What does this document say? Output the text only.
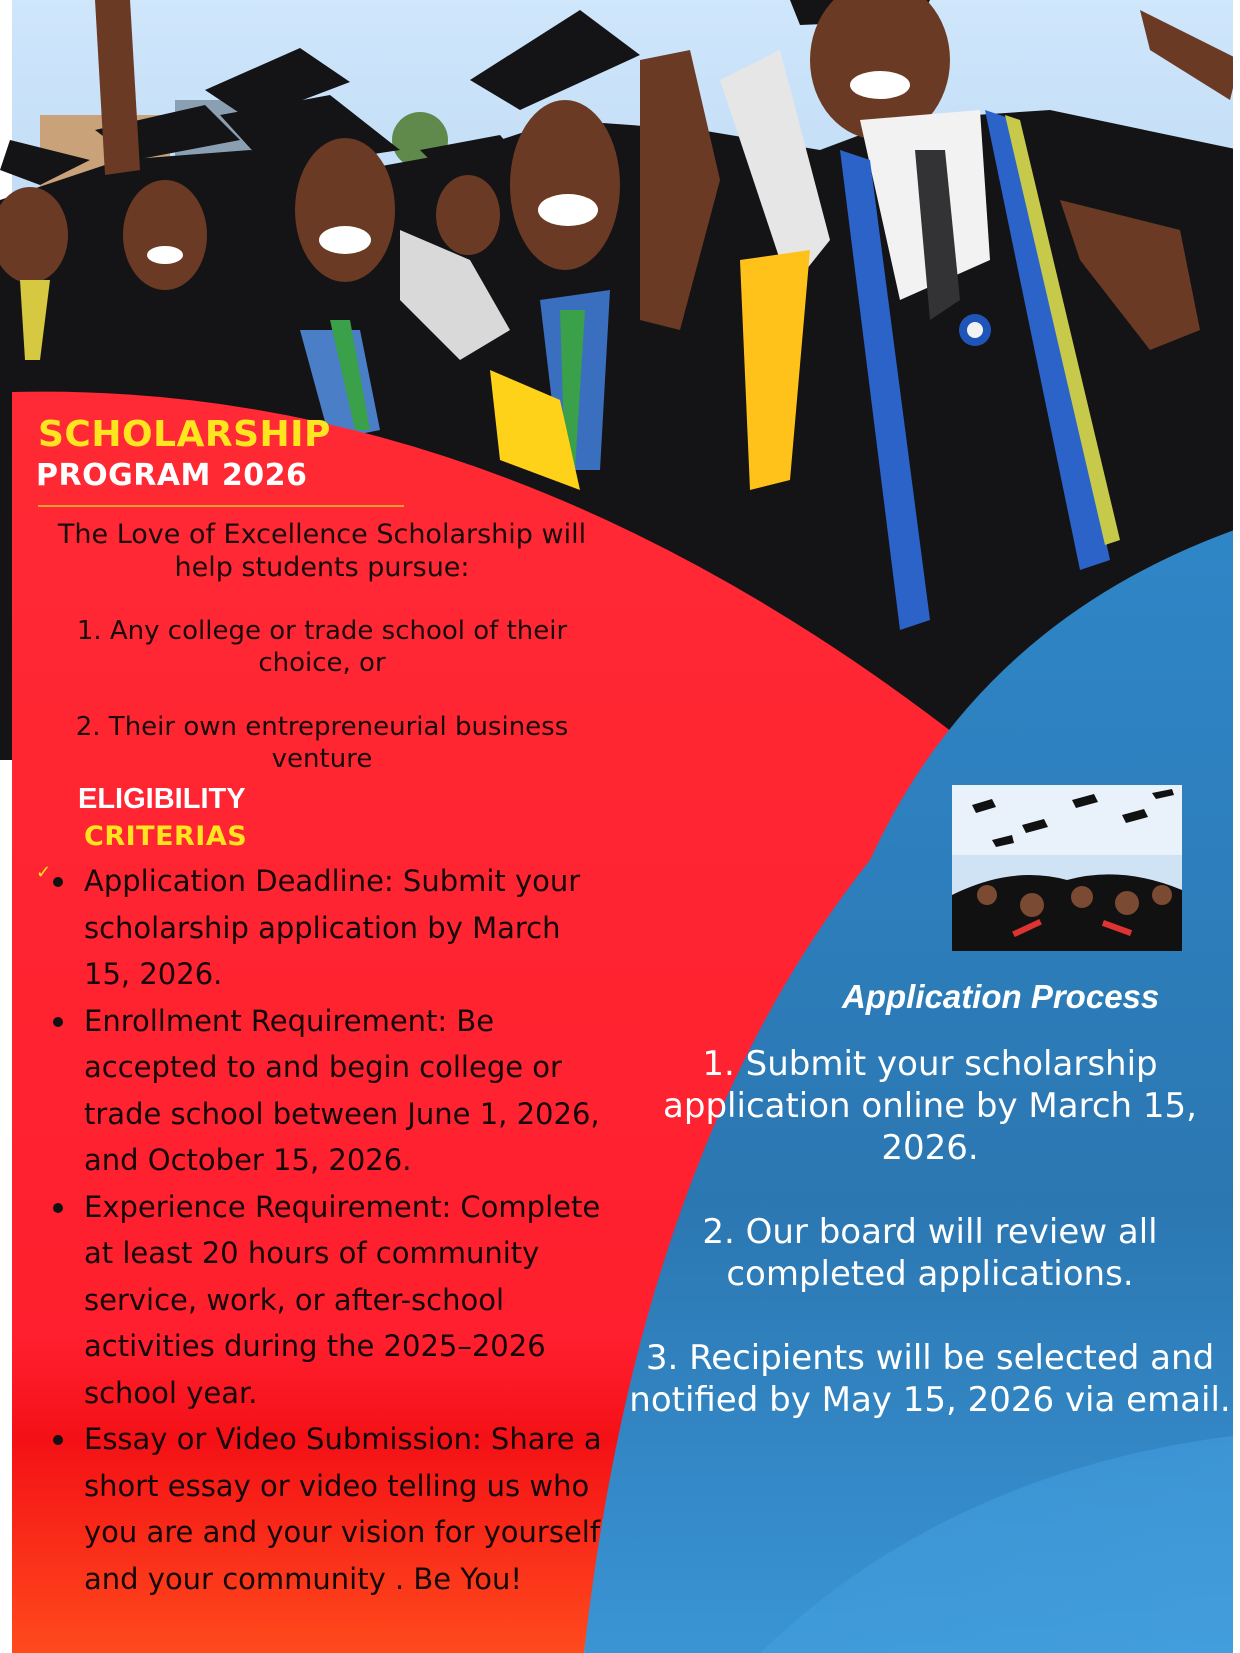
SCHOLARSHIP
PROGRAM 2026
The Love of Excellence Scholarship will help students pursue:
1. Any college or trade school of their choice, or
2. Their own entrepreneurial business venture
ELIGIBILITY
CRITERIAS
✓	Application Deadline: Submit your scholarship application by March 15, 2026.
Enrollment Requirement: Be accepted to and begin college or trade school between June 1, 2026, and October 15, 2026.
Experience Requirement: Complete at least 20 hours of community service, work, or after-school activities during the 2025–2026 school year.
Essay or Video Submission: Share a short essay or video telling us who you are and your vision for yourself and your community . Be You!
Application Process

1. Submit your scholarship application online by March 15, 2026.

2. Our board will review all completed applications.

3. Recipients will be selected and notified by May 15, 2026 via email.
